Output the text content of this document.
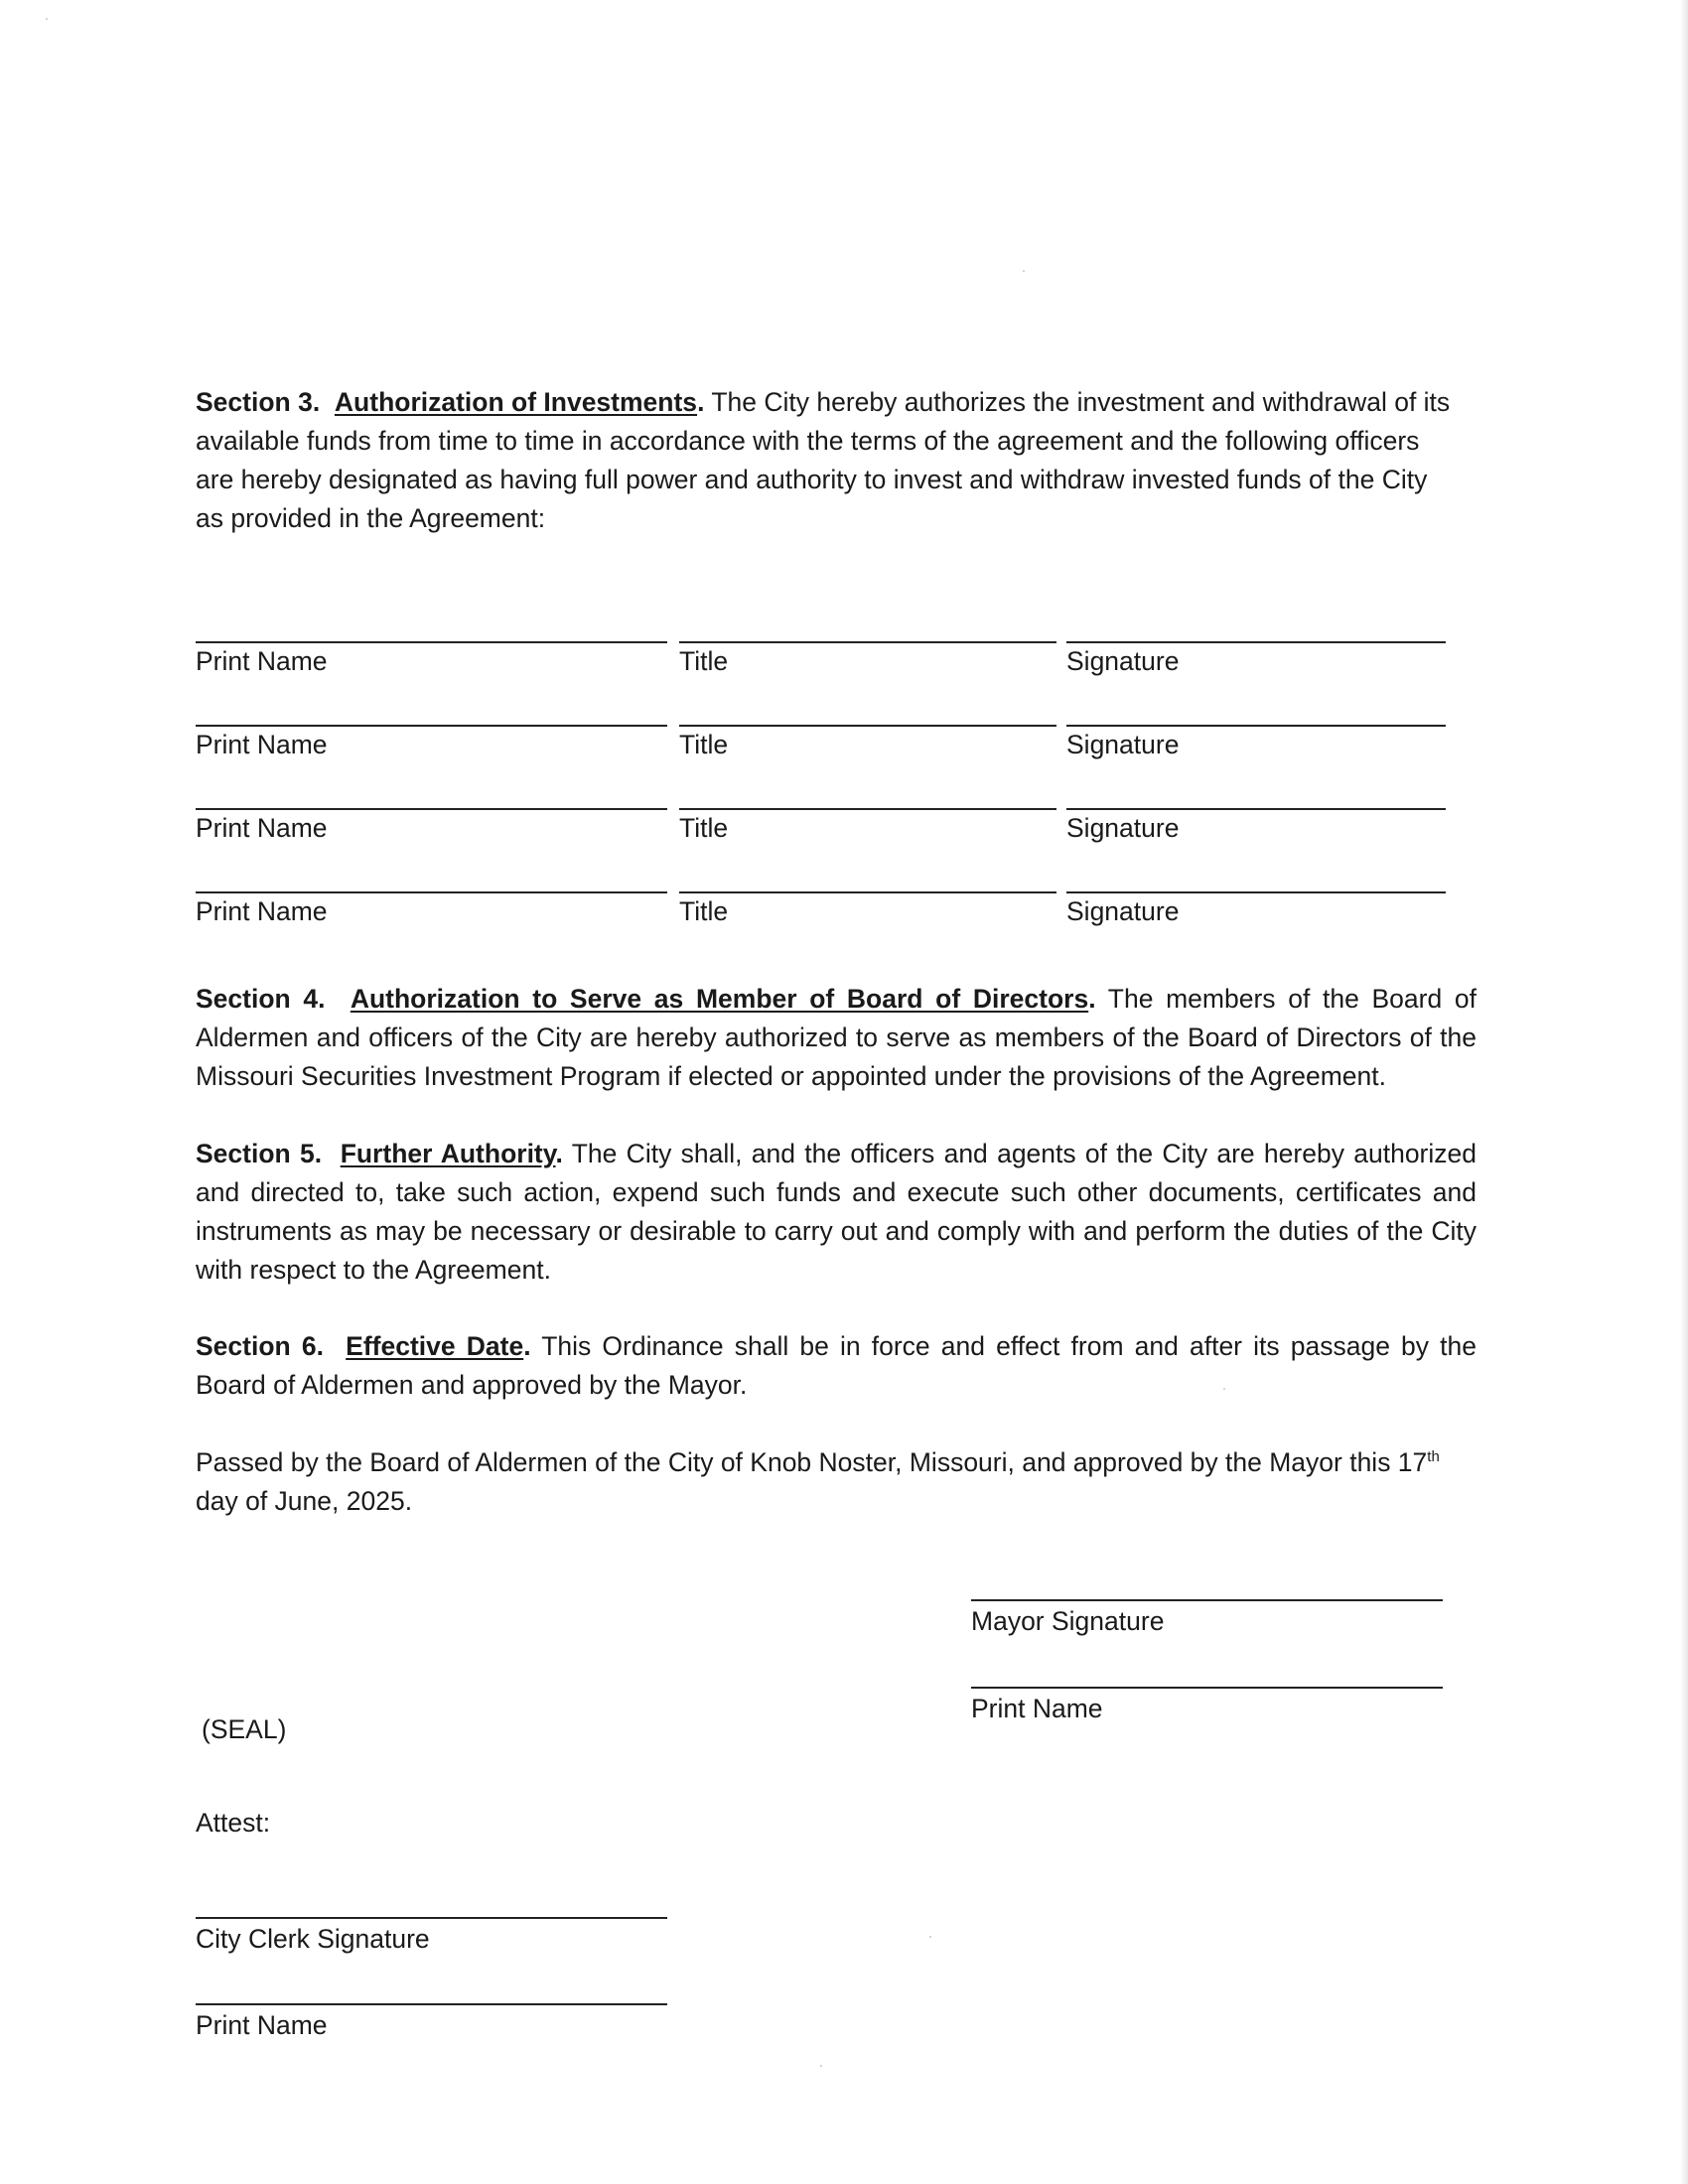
Section 3. Authorization of Investments. The City hereby authorizes the investment and withdrawal of its available funds from time to time in accordance with the terms of the agreement and the following officers are hereby designated as having full power and authority to invest and withdraw invested funds of the City as provided in the Agreement:

Print Name	Title	Signature
Print Name	Title	Signature
Print Name	Title	Signature
Print Name	Title	Signature

Section 4. Authorization to Serve as Member of Board of Directors. The members of the Board of Aldermen and officers of the City are hereby authorized to serve as members of the Board of Directors of the Missouri Securities Investment Program if elected or appointed under the provisions of the Agreement.

Section 5. Further Authority. The City shall, and the officers and agents of the City are hereby authorized and directed to, take such action, expend such funds and execute such other documents, certificates and instruments as may be necessary or desirable to carry out and comply with and perform the duties of the City with respect to the Agreement.

Section 6. Effective Date. This Ordinance shall be in force and effect from and after its passage by the Board of Aldermen and approved by the Mayor.

Passed by the Board of Aldermen of the City of Knob Noster, Missouri, and approved by the Mayor this 17th day of June, 2025.

Mayor Signature
Print Name
(SEAL)
Attest:
City Clerk Signature
Print Name
